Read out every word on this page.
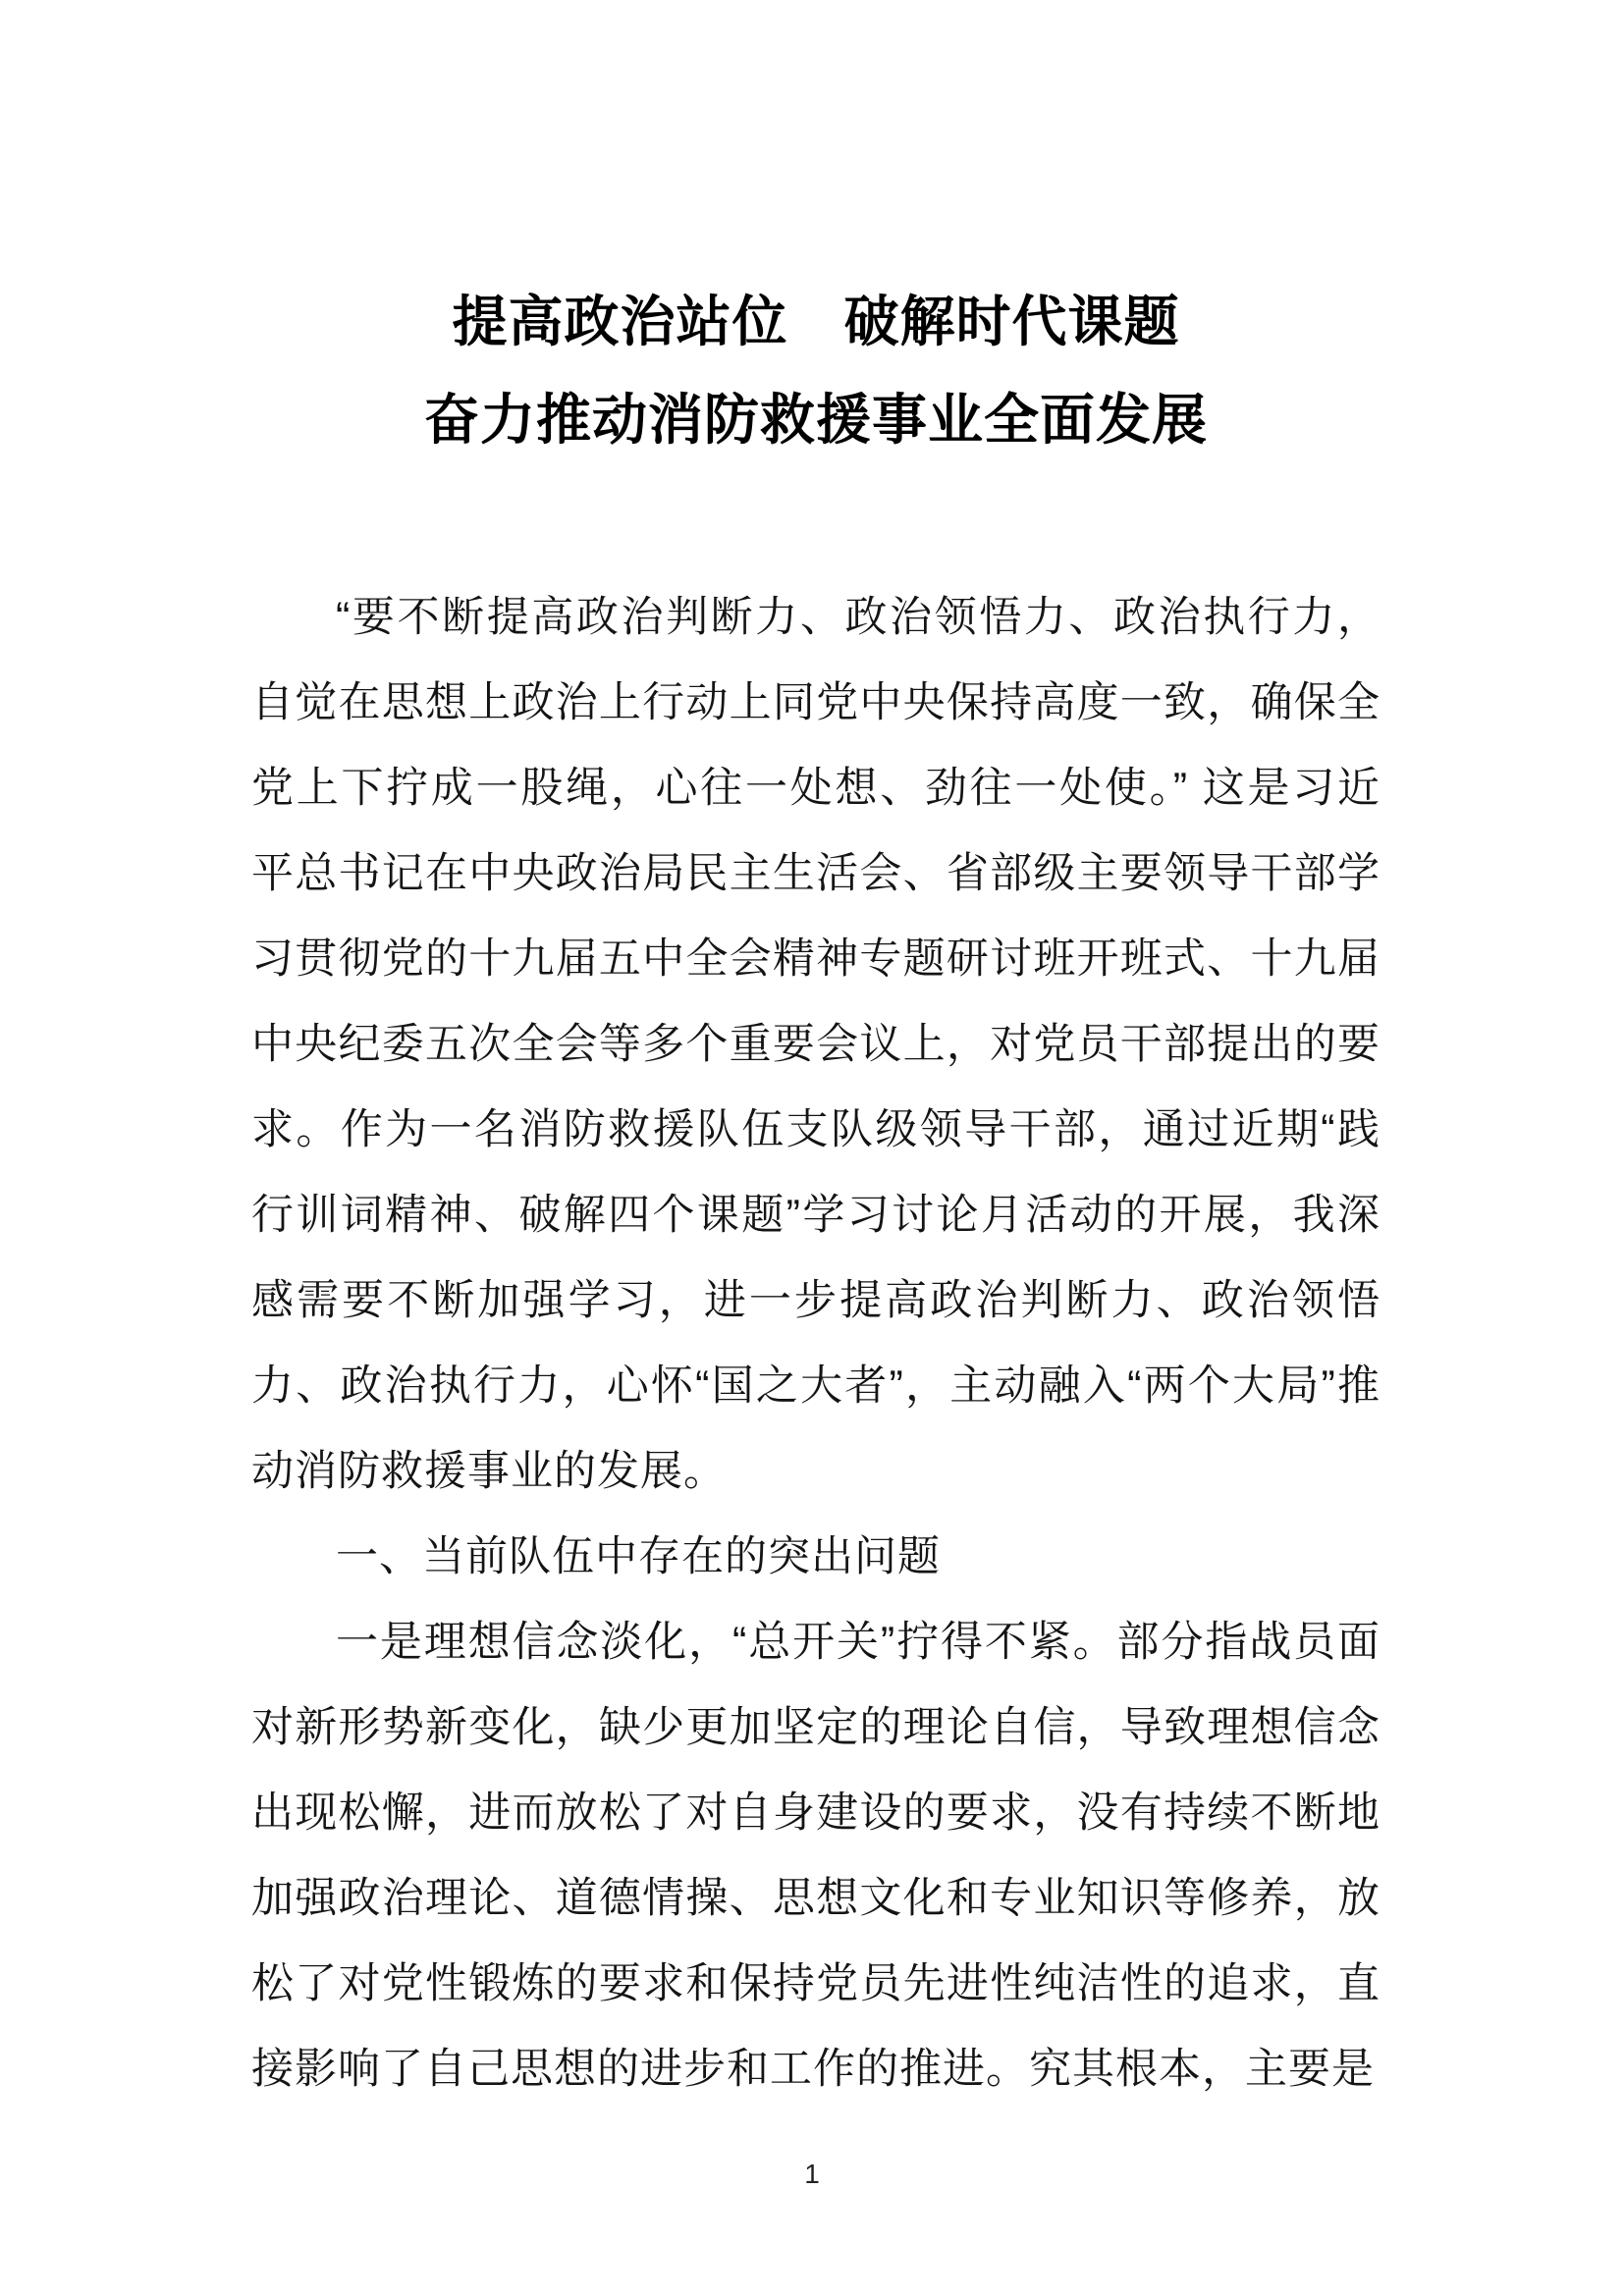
提高政治站位　破解时代课题
奋力推动消防救援事业全面发展

“要不断提高政治判断力、政治领悟力、政治执行力，自觉在思想上政治上行动上同党中央保持高度一致，确保全党上下拧成一股绳，心往一处想、劲往一处使。” 这是习近平总书记在中央政治局民主生活会、省部级主要领导干部学习贯彻党的十九届五中全会精神专题研讨班开班式、十九届中央纪委五次全会等多个重要会议上，对党员干部提出的要求。作为一名消防救援队伍支队级领导干部，通过近期“践行训词精神、破解四个课题”学习讨论月活动的开展，我深感需要不断加强学习，进一步提高政治判断力、政治领悟力、政治执行力，心怀“国之大者”，主动融入“两个大局”推动消防救援事业的发展。

一、当前队伍中存在的突出问题

一是理想信念淡化，“总开关”拧得不紧。部分指战员面对新形势新变化，缺少更加坚定的理论自信，导致理想信念出现松懈，进而放松了对自身建设的要求，没有持续不断地加强政治理论、道德情操、思想文化和专业知识等修养，放松了对党性锻炼的要求和保持党员先进性纯洁性的追求，直接影响了自己思想的进步和工作的推进。究其根本，主要是

1
